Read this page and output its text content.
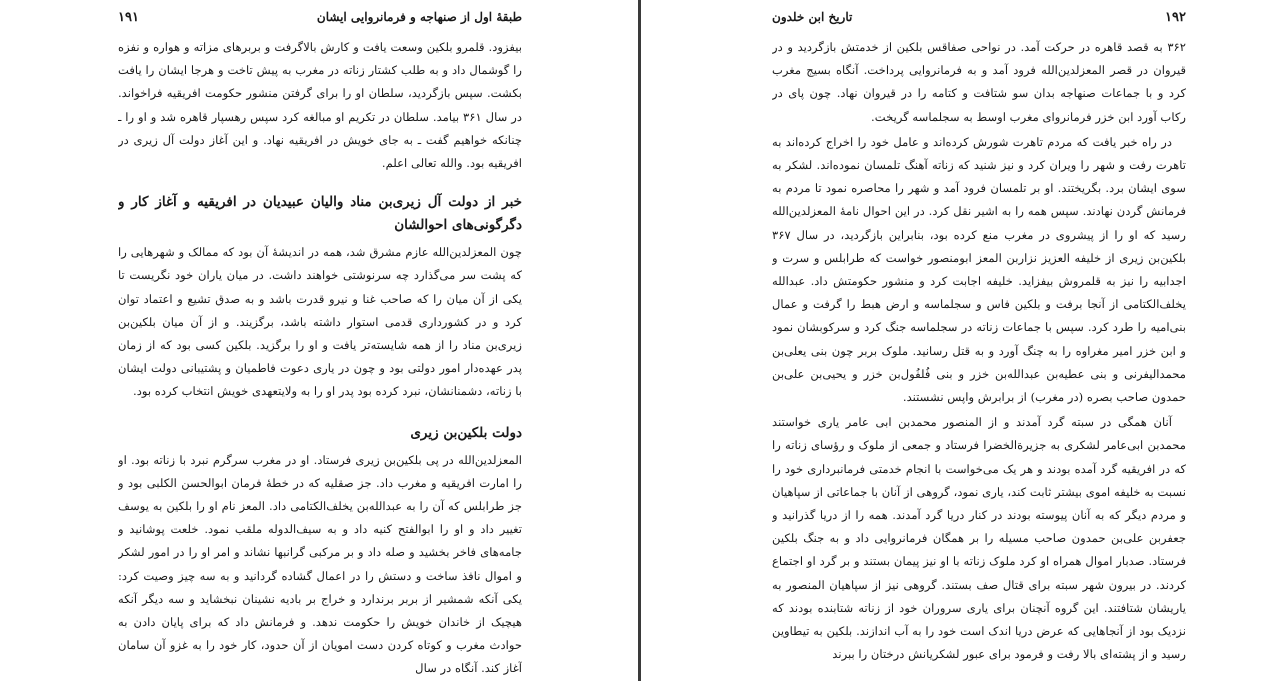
طبقهٔ اول از صنهاجه و فرمانروایی ایشان
۱۹۱

بیفزود. قلمرو بلکین وسعت یافت و کارش بالاگرفت و بربرهای مزاته و هواره و نفزه را گوشمال داد و به طلب کشتار زناته در مغرب به پیش تاخت و هرجا ایشان را یافت بکشت. سپس بازگردید، سلطان او را برای گرفتن منشور حکومت افریقیه فراخواند. در سال ۳۶۱ بیامد. سلطان در تکریم او مبالغه کرد سپس رهسپار قاهره شد و او را ـ چنانکه خواهیم گفت ـ به جای خویش در افریقیه نهاد. و این آغاز دولت آل زیری در افریقیه بود. والله تعالی اعلم.

خبر از دولت آل زیری‌بن مناد والیان عبیدیان در افریقیه و آغاز کار و دگرگونی‌های احوالشان

چون المعزلدین‌الله عازم مشرق شد، همه در اندیشهٔ آن بود که ممالک و شهرهایی را که پشت سر می‌گذارد چه سرنوشتی خواهند داشت. در میان یاران خود نگریست تا یکی از آن میان را که صاحب غنا و نیرو قدرت باشد و به صدق تشیع و اعتماد توان کرد و در کشورداری قدمی استوار داشته باشد، برگزیند. و از آن میان بلکین‌بن زیری‌بن مناد را از همه شایسته‌تر یافت و او را برگزید. بلکین کسی بود که از زمان پدر عهده‌دار امور دولتی بود و چون در یاری دعوت فاطمیان و پشتیبانی دولت ایشان با زناته، دشمنانشان، نبرد کرده بود پدر او را به ولایتعهدی خویش انتخاب کرده بود.

دولت بلکین‌بن زیری

المعزلدین‌الله در پی بلکین‌بن زیری فرستاد. او در مغرب سرگرم نبرد با زناته بود. او را امارت افریقیه و مغرب داد. جز صقلیه که در خطهٔ فرمان ابوالحسن الکلبی بود و جز طرابلس که آن را به عبدالله‌بن یخلف‌الکتامی داد. المعز نام او را بلکین به یوسف تغییر داد و او را ابوالفتح کنیه داد و به سیف‌الدوله ملقب نمود. خلعت پوشانید و جامه‌های فاخر بخشید و صله داد و بر مرکبی گرانبها نشاند و امر او را در امور لشکر و اموال نافذ ساخت و دستش را در اعمال گشاده گردانید و به سه چیز وصیت کرد: یکی آنکه شمشیر از بربر برندارد و خراج بر بادیه نشینان نبخشاید و سه دیگر آنکه هیچیک از خاندان خویش را حکومت ندهد. و فرمانش داد که برای پایان دادن به حوادث مغرب و کوتاه کردن دست امویان از آن حدود، کار خود را به غزو آن سامان آغاز کند. آنگاه در سال

۱۹۲
تاریخ ابن خلدون

۳۶۲ به قصد قاهره در حرکت آمد. در نواحی صفاقس بلکین از خدمتش بازگردید و در قیروان در قصر المعزلدین‌الله فرود آمد و به فرمانروایی پرداخت. آنگاه بسیج مغرب کرد و با جماعات صنهاجه بدان سو شتافت و کتامه را در قیروان نهاد. چون پای در رکاب آورد ابن خزر فرمانروای مغرب اوسط به سجلماسه گریخت.

در راه خبر یافت که مردم تاهرت شورش کرده‌اند و عامل خود را اخراج کرده‌اند به تاهرت رفت و شهر را ویران کرد و نیز شنید که زناته آهنگ تلمسان نموده‌اند. لشکر به سوی ایشان برد. بگریختند. او بر تلمسان فرود آمد و شهر را محاصره نمود تا مردم به فرمانش گردن نهادند. سپس همه را به اشیر نقل کرد. در این احوال نامهٔ المعزلدین‌الله رسید که او را از پیشروی در مغرب منع کرده بود، بنابراین بازگردید، در سال ۳۶۷ بلکین‌بن زیری از خلیفه العزیز نزاربن المعز ابومنصور خواست که طرابلس و سرت و اجدابیه را نیز به قلمروش بیفزاید. خلیفه اجابت کرد و منشور حکومتش داد. عبدالله یخلف‌الکتامی از آنجا برفت و بلکین فاس و سجلماسه و ارض هبط را گرفت و عمال بنی‌امیه را طرد کرد. سپس با جماعات زناته در سجلماسه جنگ کرد و سرکوبشان نمود و ابن خزر امیر مغراوه را به چنگ آورد و به قتل رسانید. ملوک بربر چون بنی یعلی‌بن محمدالیفرنی و بنی عطیه‌بن عبدالله‌بن خزر و بنی فُلفُول‌بن خزر و یحیی‌بن علی‌بن حمدون صاحب بصره (در مغرب) از برابرش واپس نشستند.

آنان همگی در سبته گرد آمدند و از المنصور محمدبن ابی عامر یاری خواستند محمدبن ابی‌عامر لشکری به جزیرةالخضرا فرستاد و جمعی از ملوک و رؤسای زناته را که در افریقیه گرد آمده بودند و هر یک می‌خواست با انجام خدمتی فرمانبرداری خود را نسبت به خلیفه اموی بیشتر ثابت کند، یاری نمود، گروهی از آنان با جماعاتی از سپاهیان و مردم دیگر که به آنان پیوسته بودند در کنار دریا گرد آمدند. همه را از دریا گذرانید و جعفربن علی‌بن حمدون صاحب مسیله را بر همگان فرمانروایی داد و به جنگ بلکین فرستاد. صدبار اموال همراه او کرد ملوک زناته با او نیز پیمان بستند و بر گرد او اجتماع کردند. در بیرون شهر سبته برای قتال صف بستند. گروهی نیز از سپاهیان المنصور به یاریشان شتافتند. این گروه آنچنان برای یاری سروران خود از زناته شتابنده بودند که نزدیک بود از آنجاهایی که عرض دریا اندک است خود را به آب اندازند. بلکین به تیطاوین رسید و از پشته‌ای بالا رفت و فرمود برای عبور لشکریانش درختان را ببرند
